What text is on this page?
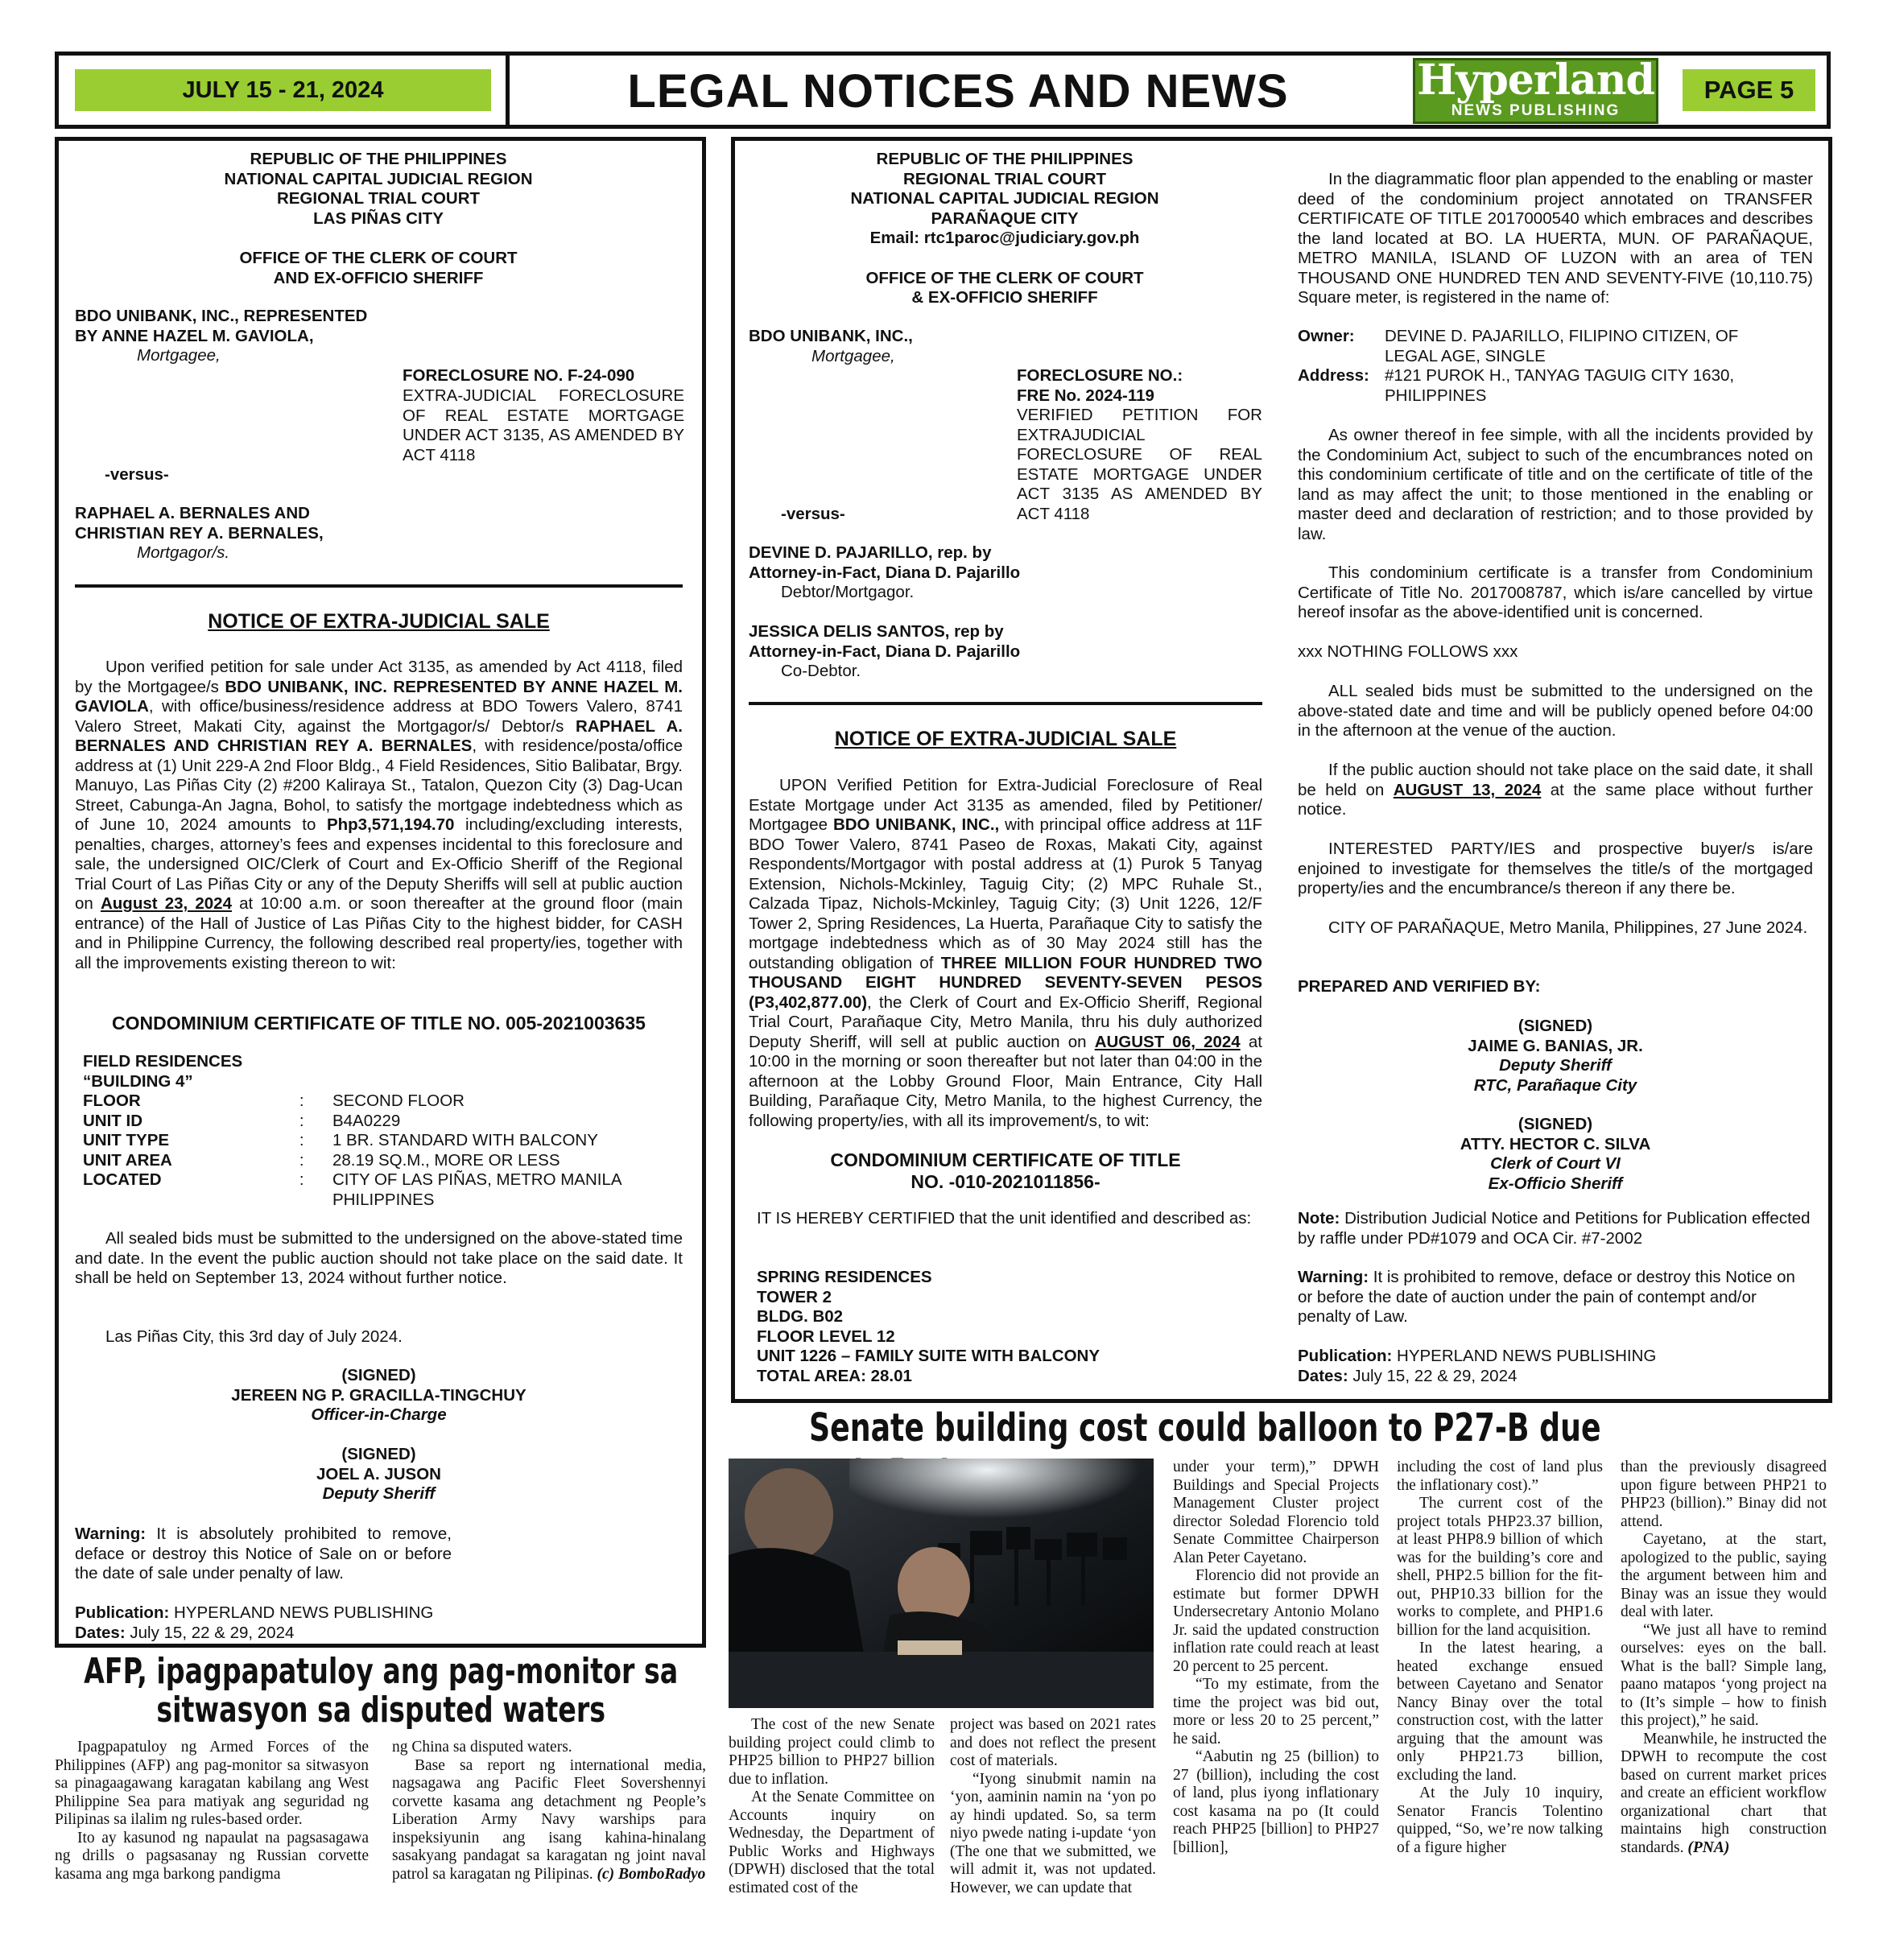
JULY 15 - 21, 2024	LEGAL NOTICES AND NEWS	Hyperland
NEWS PUBLISHING
PAGE 5
REPUBLIC OF THE PHILIPPINES
NATIONAL CAPITAL JUDICIAL REGION
REGIONAL TRIAL COURT
LAS PIÑAS CITY
OFFICE OF THE CLERK OF COURT
AND EX-OFFICIO SHERIFF
BDO UNIBANK, INC., REPRESENTED
BY ANNE HAZEL M. GAVIOLA,
Mortgagee,
FORECLOSURE NO. F-24-090
EXTRA-JUDICIAL FORECLOSURE OF REAL ESTATE MORTGAGE UNDER ACT 3135, AS AMENDED BY ACT 4118
-versus-
RAPHAEL A. BERNALES AND
CHRISTIAN REY A. BERNALES,
Mortgagor/s.
NOTICE OF EXTRA-JUDICIAL SALE
Upon verified petition for sale under Act 3135, as amended by Act 4118, filed by the Mortgagee/s BDO UNIBANK, INC. REPRESENTED BY ANNE HAZEL M. GAVIOLA, with office/business/residence address at BDO Towers Valero, 8741 Valero Street, Makati City, against the Mortgagor/s/ Debtor/s RAPHAEL A. BERNALES AND CHRISTIAN REY A. BERNALES, with residence/posta/office address at (1) Unit 229-A 2nd Floor Bldg., 4 Field Residences, Sitio Balibatar, Brgy. Manuyo, Las Piñas City (2) #200 Kaliraya St., Tatalon, Quezon City (3) Dag-Ucan Street, Cabunga-An Jagna, Bohol, to satisfy the mortgage indebtedness which as of June 10, 2024 amounts to Php3,571,194.70 including/excluding interests, penalties, charges, attorney’s fees and expenses incidental to this foreclosure and sale, the undersigned OIC/Clerk of Court and Ex-Officio Sheriff of the Regional Trial Court of Las Piñas City or any of the Deputy Sheriffs will sell at public auction on August 23, 2024 at 10:00 a.m. or soon thereafter at the ground floor (main entrance) of the Hall of Justice of Las Piñas City to the highest bidder, for CASH and in Philippine Currency, the following described real property/ies, together with all the improvements existing thereon to wit:
CONDOMINIUM CERTIFICATE OF TITLE NO. 005-2021003635
FIELD RESIDENCES
“BUILDING 4”
FLOOR	:	SECOND FLOOR
UNIT ID	:	B4A0229
UNIT TYPE	:	1 BR. STANDARD WITH BALCONY
UNIT AREA	:	28.19 SQ.M., MORE OR LESS
LOCATED	:	CITY OF LAS PIÑAS, METRO MANILA PHILIPPINES
All sealed bids must be submitted to the undersigned on the above-stated time and date. In the event the public auction should not take place on the said date. It shall be held on September 13, 2024 without further notice.
Las Piñas City, this 3rd day of July 2024.
(SIGNED)
JEREEN NG P. GRACILLA-TINGCHUY
Officer-in-Charge
(SIGNED)
JOEL A. JUSON
Deputy Sheriff
Warning: It is absolutely prohibited to remove, deface or destroy this Notice of Sale on or before the date of sale under penalty of law.
Publication: HYPERLAND NEWS PUBLISHING
Dates: July 15, 22 & 29, 2024
REPUBLIC OF THE PHILIPPINES
REGIONAL TRIAL COURT
NATIONAL CAPITAL JUDICIAL REGION
PARAÑAQUE CITY
Email: rtc1paroc@judiciary.gov.ph
OFFICE OF THE CLERK OF COURT
& EX-OFFICIO SHERIFF
BDO UNIBANK, INC.,
Mortgagee,
FORECLOSURE NO.:
FRE No. 2024-119
VERIFIED PETITION FOR EXTRAJUDICIAL FORECLOSURE OF REAL ESTATE MORTGAGE UNDER ACT 3135 AS AMENDED BY ACT 4118
-versus-
DEVINE D. PAJARILLO, rep. by
Attorney-in-Fact, Diana D. Pajarillo
Debtor/Mortgagor.
JESSICA DELIS SANTOS, rep by
Attorney-in-Fact, Diana D. Pajarillo
Co-Debtor.
NOTICE OF EXTRA-JUDICIAL SALE
UPON Verified Petition for Extra-Judicial Foreclosure of Real Estate Mortgage under Act 3135 as amended, filed by Petitioner/ Mortgagee BDO UNIBANK, INC., with principal office address at 11F BDO Tower Valero, 8741 Paseo de Roxas, Makati City, against Respondents/Mortgagor with postal address at (1) Purok 5 Tanyag Extension, Nichols-Mckinley, Taguig City; (2) MPC Ruhale St., Calzada Tipaz, Nichols-Mckinley, Taguig City; (3) Unit 1226, 12/F Tower 2, Spring Residences, La Huerta, Parañaque City to satisfy the mortgage indebtedness which as of 30 May 2024 still has the outstanding obligation of THREE MILLION FOUR HUNDRED TWO THOUSAND EIGHT HUNDRED SEVENTY-SEVEN PESOS (P3,402,877.00), the Clerk of Court and Ex-Officio Sheriff, Regional Trial Court, Parañaque City, Metro Manila, thru his duly authorized Deputy Sheriff, will sell at public auction on AUGUST 06, 2024 at 10:00 in the morning or soon thereafter but not later than 04:00 in the afternoon at the Lobby Ground Floor, Main Entrance, City Hall Building, Parañaque City, Metro Manila, to the highest Currency, the following property/ies, with all its improvement/s, to wit:
CONDOMINIUM CERTIFICATE OF TITLE
NO. -010-2021011856-
IT IS HEREBY CERTIFIED that the unit identified and described as:
SPRING RESIDENCES
TOWER 2
BLDG. B02
FLOOR LEVEL 12
UNIT 1226 – FAMILY SUITE WITH BALCONY
TOTAL AREA: 28.01
In the diagrammatic floor plan appended to the enabling or master deed of the condominium project annotated on TRANSFER CERTIFICATE OF TITLE 2017000540 which embraces and describes the land located at BO. LA HUERTA, MUN. OF PARAÑAQUE, METRO MANILA, ISLAND OF LUZON with an area of TEN THOUSAND ONE HUNDRED TEN AND SEVENTY-FIVE (10,110.75) Square meter, is registered in the name of:
Owner:	DEVINE D. PAJARILLO, FILIPINO CITIZEN, OF LEGAL AGE, SINGLE
Address: #121 PUROK H., TANYAG TAGUIG CITY 1630, PHILIPPINES
As owner thereof in fee simple, with all the incidents provided by the Condominium Act, subject to such of the encumbrances noted on this condominium certificate of title and on the certificate of title of the land as may affect the unit; to those mentioned in the enabling or master deed and declaration of restriction; and to those provided by law.
This condominium certificate is a transfer from Condominium Certificate of Title No. 2017008787, which is/are cancelled by virtue hereof insofar as the above-identified unit is concerned.
xxx NOTHING FOLLOWS xxx
ALL sealed bids must be submitted to the undersigned on the above-stated date and time and will be publicly opened before 04:00 in the afternoon at the venue of the auction.
If the public auction should not take place on the said date, it shall be held on AUGUST 13, 2024 at the same place without further notice.
INTERESTED PARTY/IES and prospective buyer/s is/are enjoined to investigate for themselves the title/s of the mortgaged property/ies and the encumbrance/s thereon if any there be.
CITY OF PARAÑAQUE, Metro Manila, Philippines, 27 June 2024.
PREPARED AND VERIFIED BY:
(SIGNED)
JAIME G. BANIAS, JR.
Deputy Sheriff
RTC, Parañaque City
(SIGNED)
ATTY. HECTOR C. SILVA
Clerk of Court VI
Ex-Officio Sheriff
Note: Distribution Judicial Notice and Petitions for Publication effected by raffle under PD#1079 and OCA Cir. #7-2002
Warning: It is prohibited to remove, deface or destroy this Notice on or before the date of auction under the pain of contempt and/or penalty of Law.
Publication: HYPERLAND NEWS PUBLISHING
Dates: July 15, 22 & 29, 2024
Senate building cost could balloon to P27-B due

The cost of the new Senate building project could climb to PHP25 billion to PHP27 billion due to inflation.

At the Senate Committee on Accounts inquiry on Wednesday, the Department of Public Works and Highways (DPWH) disclosed that the total estimated cost of the

project was based on 2021 rates and does not reflect the present cost of materials.

“Iyong sinubmit namin na ‘yon, aaminin namin na ‘yon po ay hindi updated. So, sa term niyo pwede nating i-update ‘yon (The one that we submitted, we will admit it, was not updated. However, we can update that

under your term),” DPWH Buildings and Special Projects Management Cluster project director Soledad Florencio told Senate Committee Chairperson Alan Peter Cayetano.

Florencio did not provide an estimate but former DPWH Undersecretary Antonio Molano Jr. said the updated construction inflation rate could reach at least 20 percent to 25 percent.

“To my estimate, from the time the project was bid out, more or less 20 to 25 percent,” he said.

“Aabutin ng 25 (billion) to 27 (billion), including the cost of land, plus iyong inflationary cost kasama na po (It could reach PHP25 [billion] to PHP27 [billion],

including the cost of land plus the inflationary cost).”

The current cost of the project totals PHP23.37 billion, at least PHP8.9 billion of which was for the building’s core and shell, PHP2.5 billion for the fit-out, PHP10.33 billion for the works to complete, and PHP1.6 billion for the land acquisition.

In the latest hearing, a heated exchange ensued between Cayetano and Senator Nancy Binay over the total construction cost, with the latter arguing that the amount was only PHP21.73 billion, excluding the land.

At the July 10 inquiry, Senator Francis Tolentino quipped, “So, we’re now talking of a figure higher

than the previously disagreed upon figure between PHP21 to PHP23 (billion).” Binay did not attend.

Cayetano, at the start, apologized to the public, saying the argument between him and Binay was an issue they would deal with later.

“We just all have to remind ourselves: eyes on the ball. What is the ball? Simple lang, paano matapos ‘yong project na to (It’s simple – how to finish this project),” he said.

Meanwhile, he instructed the DPWH to recompute the cost based on current market prices and create an efficient workflow organizational chart that maintains high construction standards. (PNA)

AFP, ipagpapatuloy ang pag-monitor sa
sitwasyon sa disputed waters

Ipagpapatuloy ng Armed Forces of the Philippines (AFP) ang pag-monitor sa sitwasyon sa pinagaagawang karagatan kabilang ang West Philippine Sea para matiyak ang seguridad ng Pilipinas sa ilalim ng rules-based order.

Ito ay kasunod ng napaulat na pagsasagawa ng drills o pagsasanay ng Russian corvette kasama ang mga barkong pandigma

ng China sa disputed waters.

Base sa report ng international media, nagsagawa ang Pacific Fleet Sovershennyi corvette kasama ang detachment ng People’s Liberation Army Navy warships para inspeksiyunin ang isang kahina-hinalang sasakyang pandagat sa karagatan ng joint naval patrol sa karagatan ng Pilipinas. (c) BomboRadyo
